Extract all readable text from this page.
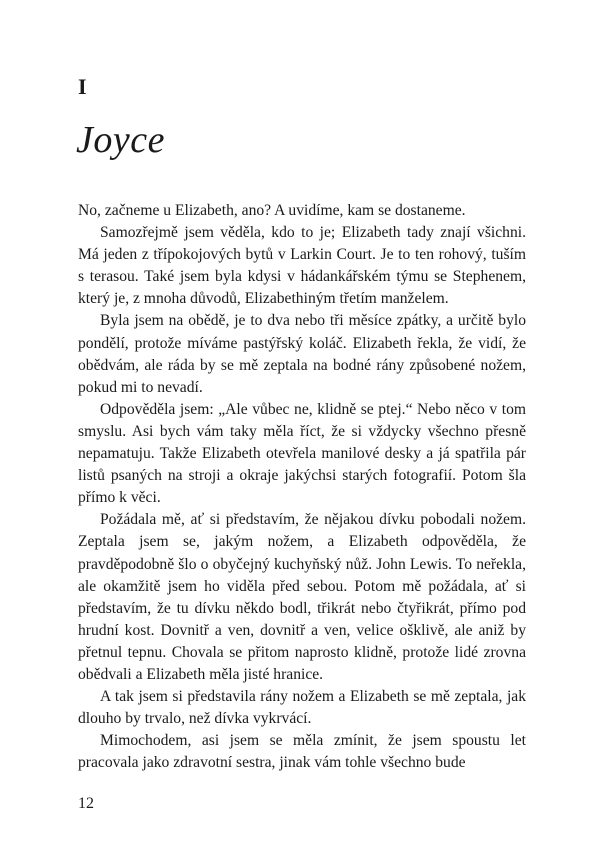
I
Joyce

No, začneme u Elizabeth, ano? A uvidíme, kam se dostaneme.

Samozřejmě jsem věděla, kdo to je; Elizabeth tady znají všichni. Má jeden z třípokojových bytů v Larkin Court. Je to ten rohový, tuším s terasou. Také jsem byla kdysi v hádankářském týmu se Stephenem, který je, z mnoha důvodů, Elizabethiným třetím manželem.

Byla jsem na obědě, je to dva nebo tři měsíce zpátky, a určitě bylo pondělí, protože míváme pastýřský koláč. Elizabeth řekla, že vidí, že obědvám, ale ráda by se mě zeptala na bodné rány způsobené nožem, pokud mi to nevadí.

Odpověděla jsem: „Ale vůbec ne, klidně se ptej.“ Nebo něco v tom smyslu. Asi bych vám taky měla říct, že si vždycky všechno přesně nepamatuju. Takže Elizabeth otevřela manilové desky a já spatřila pár listů psaných na stroji a okraje jakýchsi starých fotografií. Potom šla přímo k věci.

Požádala mě, ať si představím, že nějakou dívku pobodali nožem. Zeptala jsem se, jakým nožem, a Elizabeth odpověděla, že pravděpodobně šlo o obyčejný kuchyňský nůž. John Lewis. To neřekla, ale okamžitě jsem ho viděla před sebou. Potom mě požádala, ať si představím, že tu dívku někdo bodl, třikrát nebo čtyřikrát, přímo pod hrudní kost. Dovnitř a ven, dovnitř a ven, velice ošklivě, ale aniž by přetnul tepnu. Chovala se přitom naprosto klidně, protože lidé zrovna obědvali a Elizabeth měla jisté hranice.

A tak jsem si představila rány nožem a Elizabeth se mě zeptala, jak dlouho by trvalo, než dívka vykrvácí.

Mimochodem, asi jsem se měla zmínit, že jsem spoustu let pracovala jako zdravotní sestra, jinak vám tohle všechno bude

12
